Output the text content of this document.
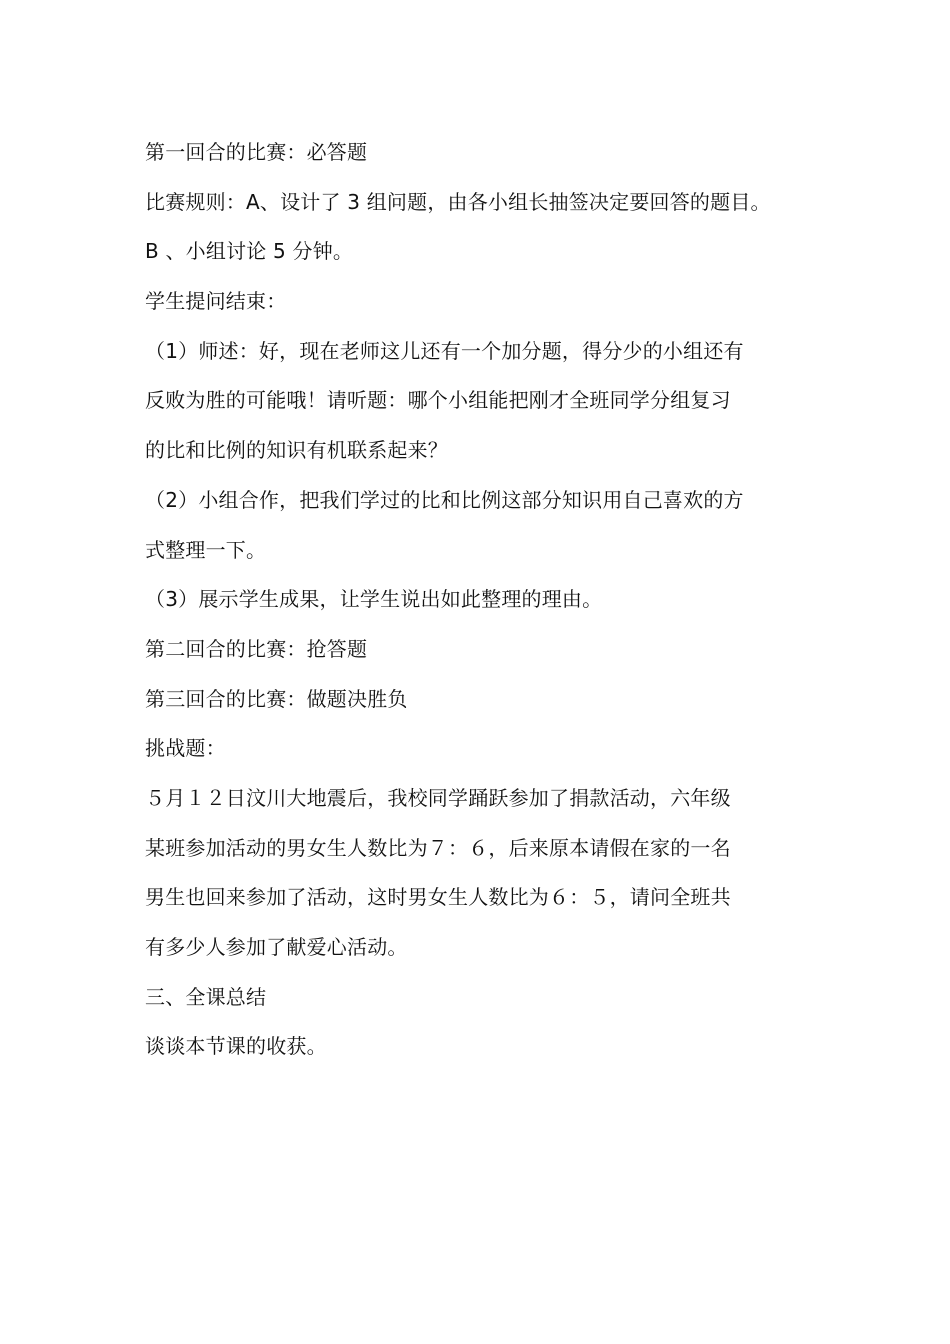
第一回合的比赛：必答题
比赛规则：A、设计了 3 组问题，由各小组长抽签决定要回答的题目。
B 、小组讨论 5 分钟。
学生提问结束：
（1）师述：好，现在老师这儿还有一个加分题，得分少的小组还有
反败为胜的可能哦！请听题：哪个小组能把刚才全班同学分组复习
的比和比例的知识有机联系起来？
（2）小组合作，把我们学过的比和比例这部分知识用自己喜欢的方
式整理一下。
（3）展示学生成果，让学生说出如此整理的理由。
第二回合的比赛：抢答题
第三回合的比赛：做题决胜负
挑战题：
５月１２日汶川大地震后，我校同学踊跃参加了捐款活动，六年级
某班参加活动的男女生人数比为７：６，后来原本请假在家的一名
男生也回来参加了活动，这时男女生人数比为６：５，请问全班共
有多少人参加了献爱心活动。
三、全课总结
谈谈本节课的收获。
